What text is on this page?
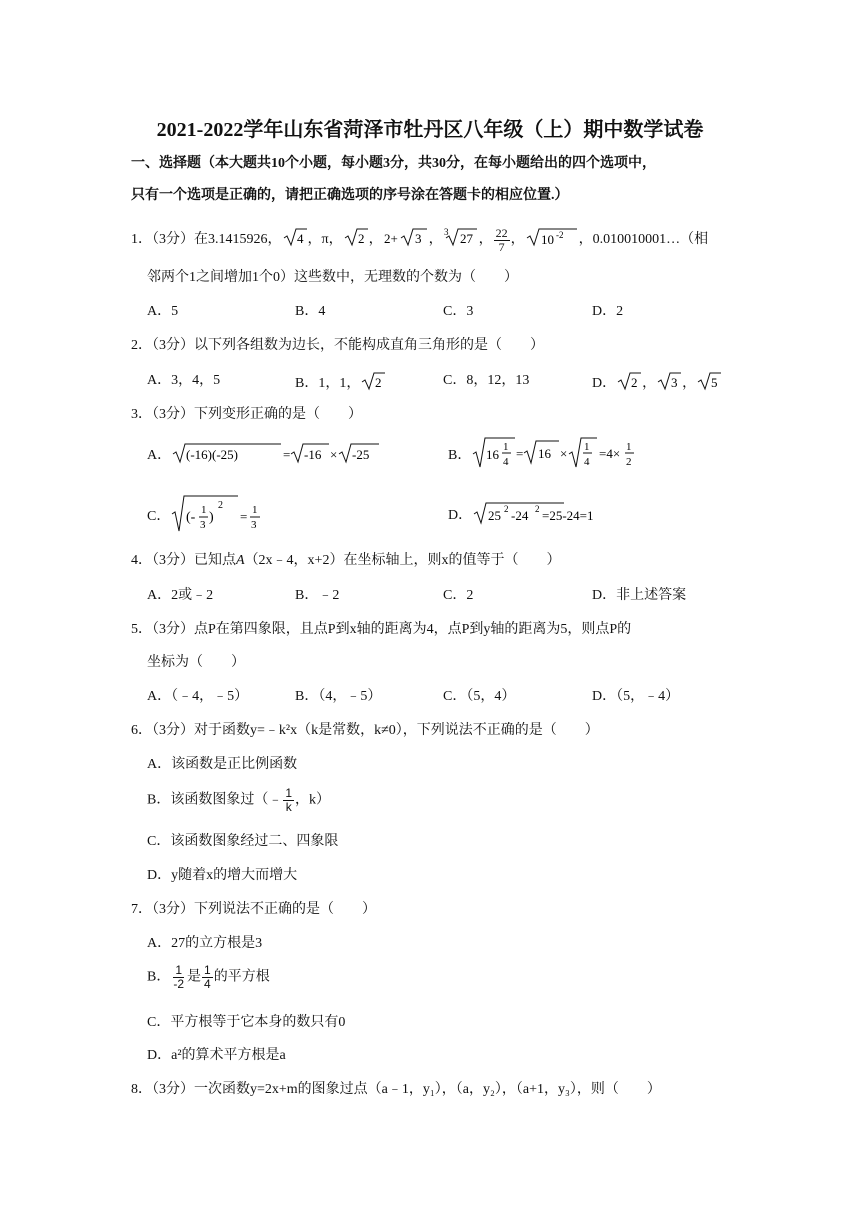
2021-2022学年山东省菏泽市牡丹区八年级（上）期中数学试卷
一、选择题（本大题共10个小题，每小题3分，共30分，在每小题给出的四个选项中，
只有一个选项是正确的，请把正确选项的序号涂在答题卡的相应位置.）
1．（3分）在3.1415926， 4 ，π， 2 ， 2+ 3 ，
3 27 ， $\frac{22}{7}$ ， 10 -2 ，0.010010001…（相
邻两个1之间增加1个0）这些数中，无理数的个数为（　　）
A．5	B．4	C．3	D．2
2．（3分）以下列各组数为边长，不能构成直角三角形的是（　　）
A．3，4，5	B．1，1， 2	C．8，12，13	D． 2 ， 3 ， 5
3．（3分）下列变形正确的是（　　）
A． (-16)(-25)	= -16 × -25	B． 16 1
4
= 16 × 1
4
=4× 1
2
C． (- 1
3 )
2
= 1
3
D． 25 2 -24 2 =25-24=1
4．（3分）已知点A（2x﹣4，x+2）在坐标轴上，则x的值等于（　　）
A．2或﹣2	B．﹣2	C．2	D．非上述答案
5．（3分）点P在第四象限，且点P到x轴的距离为4，点P到y轴的距离为5，则点P的
坐标为（　　）
A．（﹣4，﹣5）	B．（4，﹣5）	C．（5，4）	D．（5，﹣4）
6．（3分）对于函数y=﹣k²x（k是常数，k≠0），下列说法不正确的是（　　）
A．该函数是正比例函数
B．该函数图象过（﹣ $\frac{1}{k}$ ，k）
C．该函数图象经过二、四象限
D．y随着x的增大而增大
7．（3分）下列说法不正确的是（　　）
A．27的立方根是3
B． $\frac{1}{-2}$ 是 $\frac{1}{4}$ 的平方根
C．平方根等于它本身的数只有0
D．a²的算术平方根是a
8．（3分）一次函数y=2x+m的图象过点（a﹣1，y₁），（a，y₂），（a+1，y₃），则（　　）
